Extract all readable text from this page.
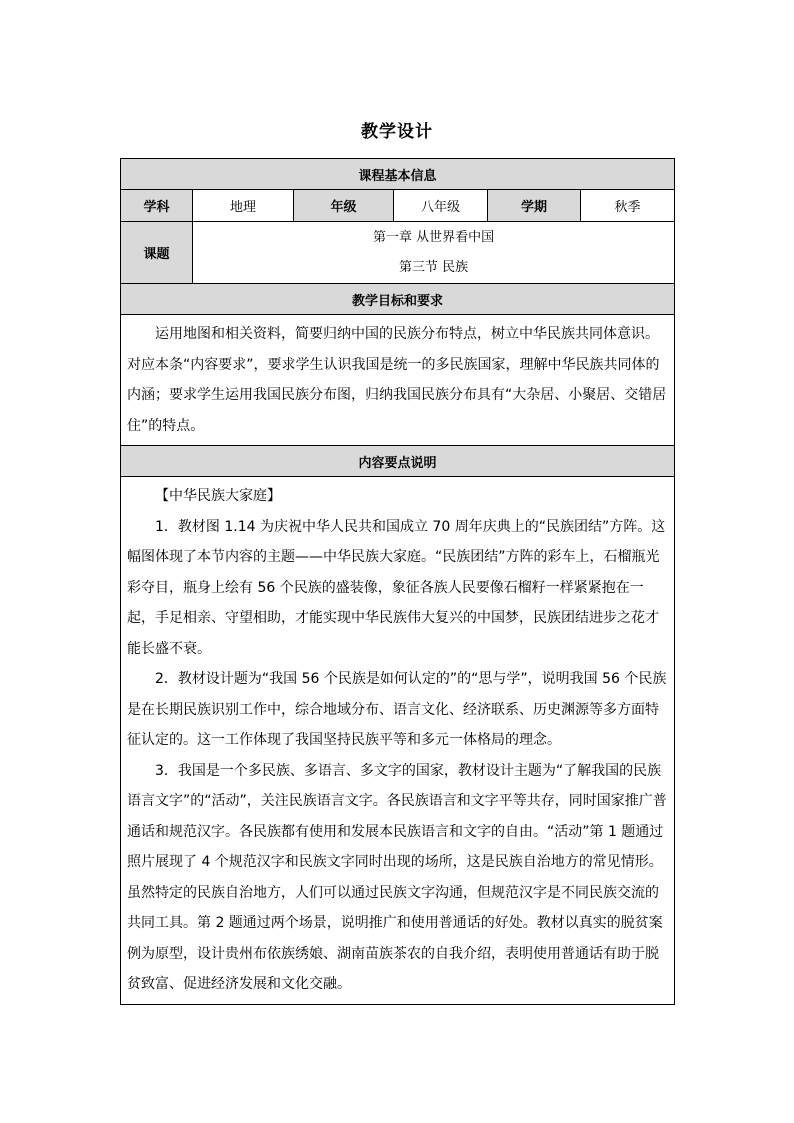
教学设计
课程基本信息					
学科	地理	年级	八年级	学期	秋季
课题	第一章 从世界看中国
第三节 民族				

教学目标和要求					

运用地图和相关资料，简要归纳中国的民族分布特点，树立中华民族共同体意识。对应本条“内容要求”，要求学生认识我国是统一的多民族国家，理解中华民族共同体的内涵；要求学生运用我国民族分布图，归纳我国民族分布具有“大杂居、小聚居、交错居住”的特点。					

内容要点说明					

【中华民族大家庭】

1．教材图 1.14 为庆祝中华人民共和国成立 70 周年庆典上的“民族团结”方阵。这幅图体现了本节内容的主题——中华民族大家庭。“民族团结”方阵的彩车上，石榴瓶光彩夺目，瓶身上绘有 56 个民族的盛装像，象征各族人民要像石榴籽一样紧紧抱在一起，手足相亲、守望相助，才能实现中华民族伟大复兴的中国梦，民族团结进步之花才能长盛不衰。

2．教材设计题为“我国 56 个民族是如何认定的”的“思与学”，说明我国 56 个民族是在长期民族识别工作中，综合地域分布、语言文化、经济联系、历史渊源等多方面特征认定的。这一工作体现了我国坚持民族平等和多元一体格局的理念。

3．我国是一个多民族、多语言、多文字的国家，教材设计主题为“了解我国的民族语言文字”的“活动”，关注民族语言文字。各民族语言和文字平等共存，同时国家推广普通话和规范汉字。各民族都有使用和发展本民族语言和文字的自由。“活动”第 1 题通过照片展现了 4 个规范汉字和民族文字同时出现的场所，这是民族自治地方的常见情形。虽然特定的民族自治地方，人们可以通过民族文字沟通，但规范汉字是不同民族交流的共同工具。第 2 题通过两个场景，说明推广和使用普通话的好处。教材以真实的脱贫案例为原型，设计贵州布依族绣娘、湖南苗族茶农的自我介绍，表明使用普通话有助于脱贫致富、促进经济发展和文化交融。					
